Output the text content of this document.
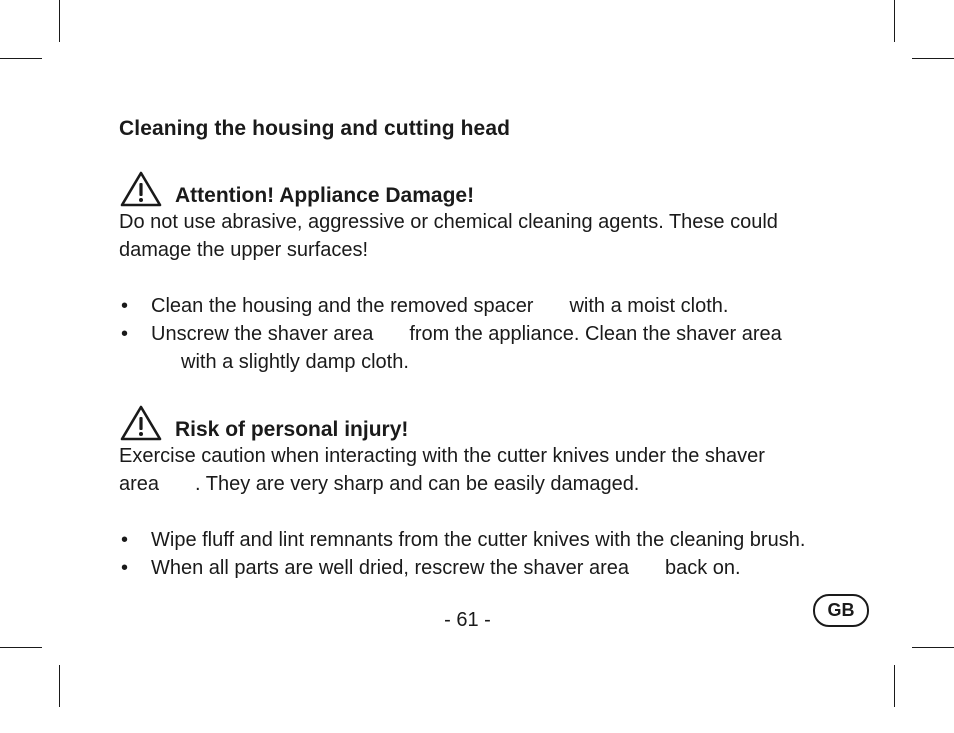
Cleaning the housing and cutting head
Attention! Appliance Damage!

Do not use abrasive, aggressive or chemical cleaning agents. These could damage the upper surfaces!

• Clean the housing and the removed spacer with a moist cloth.
• Unscrew the shaver area from the appliance. Clean the shaver area
with a slightly damp cloth.
Risk of personal injury!

Exercise caution when interacting with the cutter knives under the shaver
area . They are very sharp and can be easily damaged.

• Wipe fluff and lint remnants from the cutter knives with the cleaning brush.
• When all parts are well dried, rescrew the shaver area back on.
- 61 -	GB
